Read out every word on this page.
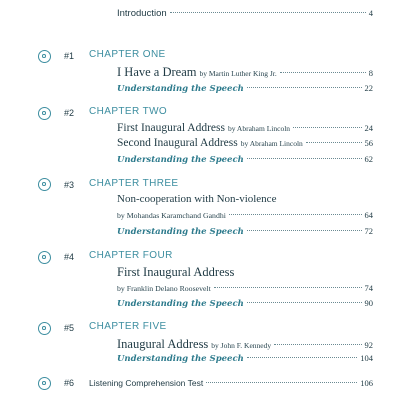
Introduction	4
#1 CHAPTER ONE
I Have a Dream by Martin Luther King Jr.	8
Understanding the Speech	22
#2 CHAPTER TWO
First Inaugural Address by Abraham Lincoln	24
Second Inaugural Address by Abraham Lincoln	56
Understanding the Speech	62
#3 CHAPTER THREE
Non-cooperation with Non-violence
by Mohandas Karamchand Gandhi	64
Understanding the Speech	72
#4 CHAPTER FOUR
First Inaugural Address
by Franklin Delano Roosevelt	74
Understanding the Speech	90
#5 CHAPTER FIVE
Inaugural Address by John F. Kennedy	92
Understanding the Speech	104
#6 Listening Comprehension Test	106
